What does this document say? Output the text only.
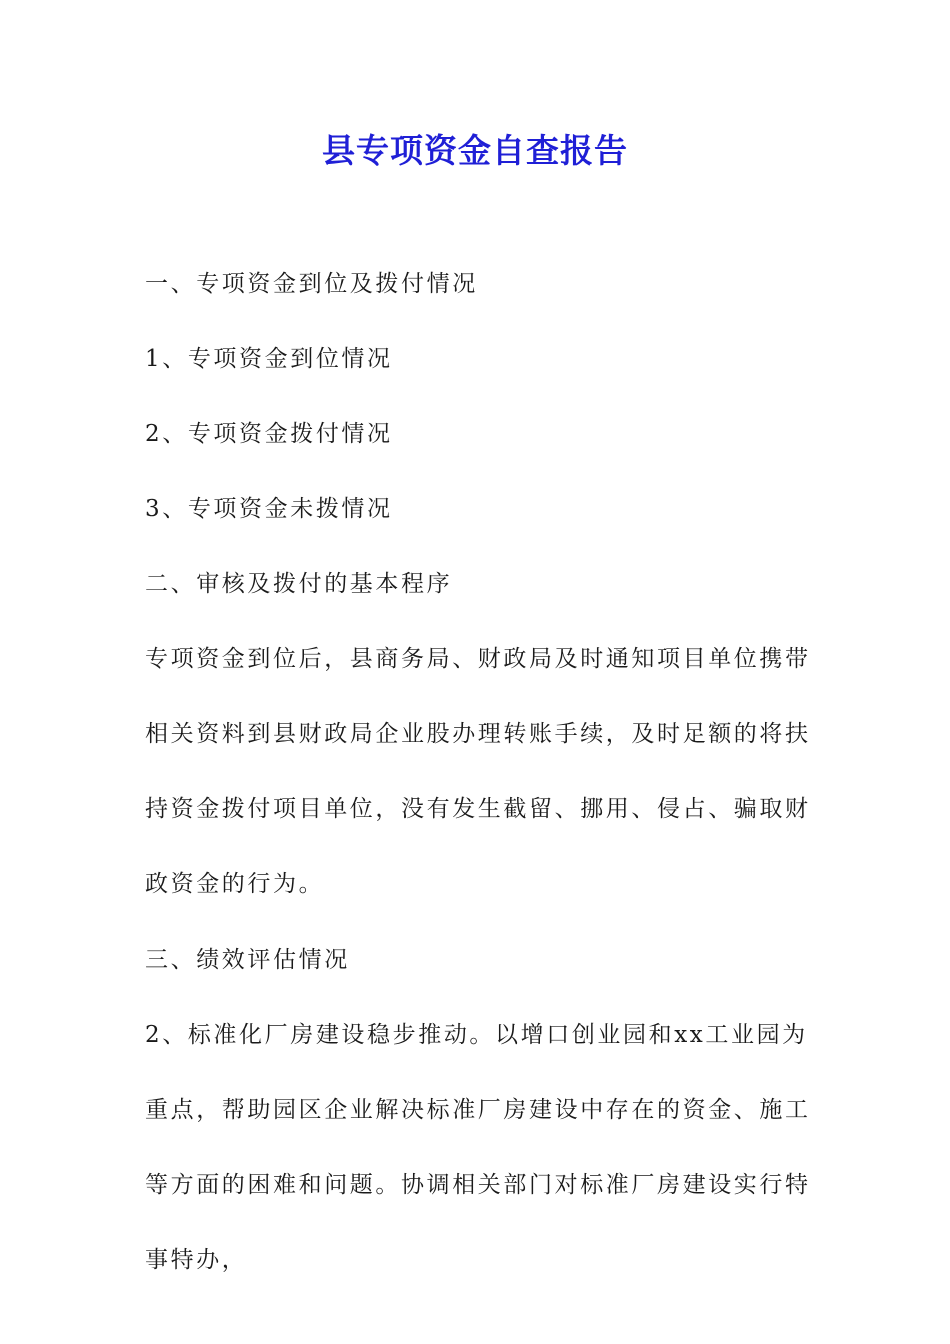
县专项资金自查报告

一、专项资金到位及拨付情况

1、专项资金到位情况

2、专项资金拨付情况

3、专项资金未拨情况

二、审核及拨付的基本程序

专项资金到位后，县商务局、财政局及时通知项目单位携带相关资料到县财政局企业股办理转账手续，及时足额的将扶持资金拨付项目单位，没有发生截留、挪用、侵占、骗取财政资金的行为。

三、绩效评估情况

2、标准化厂房建设稳步推动。以增口创业园和xx工业园为重点，帮助园区企业解决标准厂房建设中存在的资金、施工等方面的困难和问题。协调相关部门对标准厂房建设实行特事特办，
